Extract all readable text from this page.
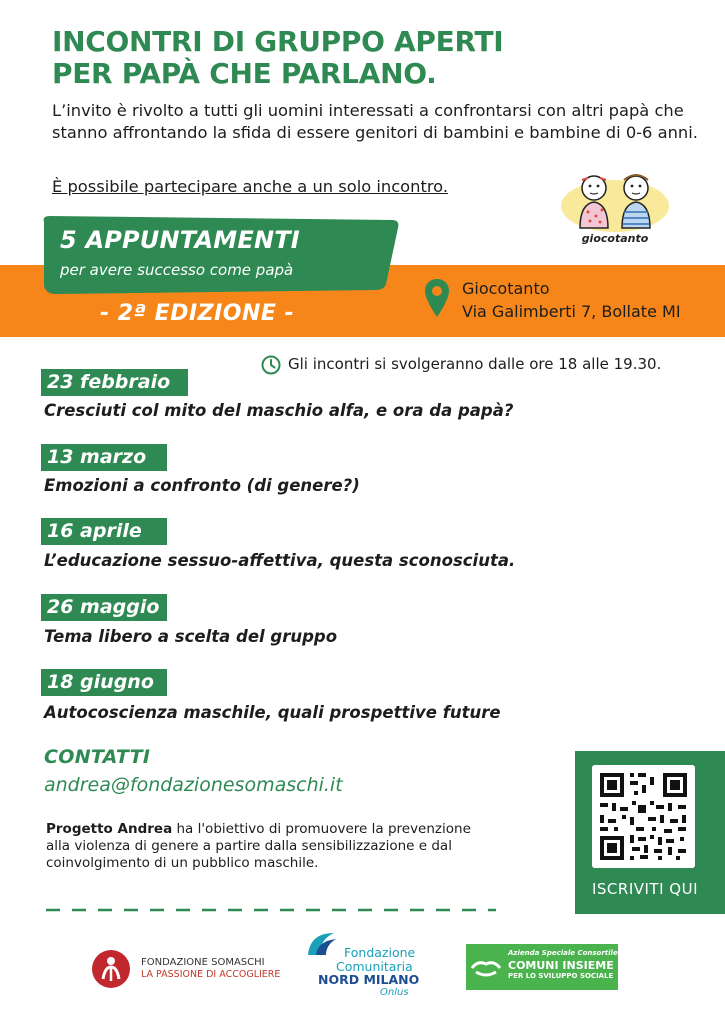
INCONTRI DI GRUPPO APERTI
PER PAPÀ CHE PARLANO.
L’invito è rivolto a tutti gli uomini interessati a confrontarsi con altri papà che stanno affrontando la sfida di essere genitori di bambini e bambine di 0-6 anni.
È possibile partecipare anche a un solo incontro.
giocotanto
5 APPUNTAMENTI
per avere successo come papà
- 2ª EDIZIONE -
Giocotanto
Via Galimberti 7, Bollate MI
Gli incontri si svolgeranno dalle ore 18 alle 19.30.
23 febbraio
Cresciuti col mito del maschio alfa, e ora da papà?
13 marzo
Emozioni a confronto (di genere?)
16 aprile
L’educazione sessuo-affettiva, questa sconosciuta.
26 maggio
Tema libero a scelta del gruppo
18 giugno
Autocoscienza maschile, quali prospettive future
CONTATTI
andrea@fondazionesomaschi.it
Progetto Andrea ha l'obiettivo di promuovere la prevenzione alla violenza di genere a partire dalla sensibilizzazione e dal coinvolgimento di un pubblico maschile.
ISCRIVITI QUI
FONDAZIONE SOMASCHI
LA PASSIONE DI ACCOGLIERE
Fondazione
Comunitaria
NORD MILANO
Onlus
Azienda Speciale Consortile
COMUNI INSIEME
PER LO SVILUPPO SOCIALE
